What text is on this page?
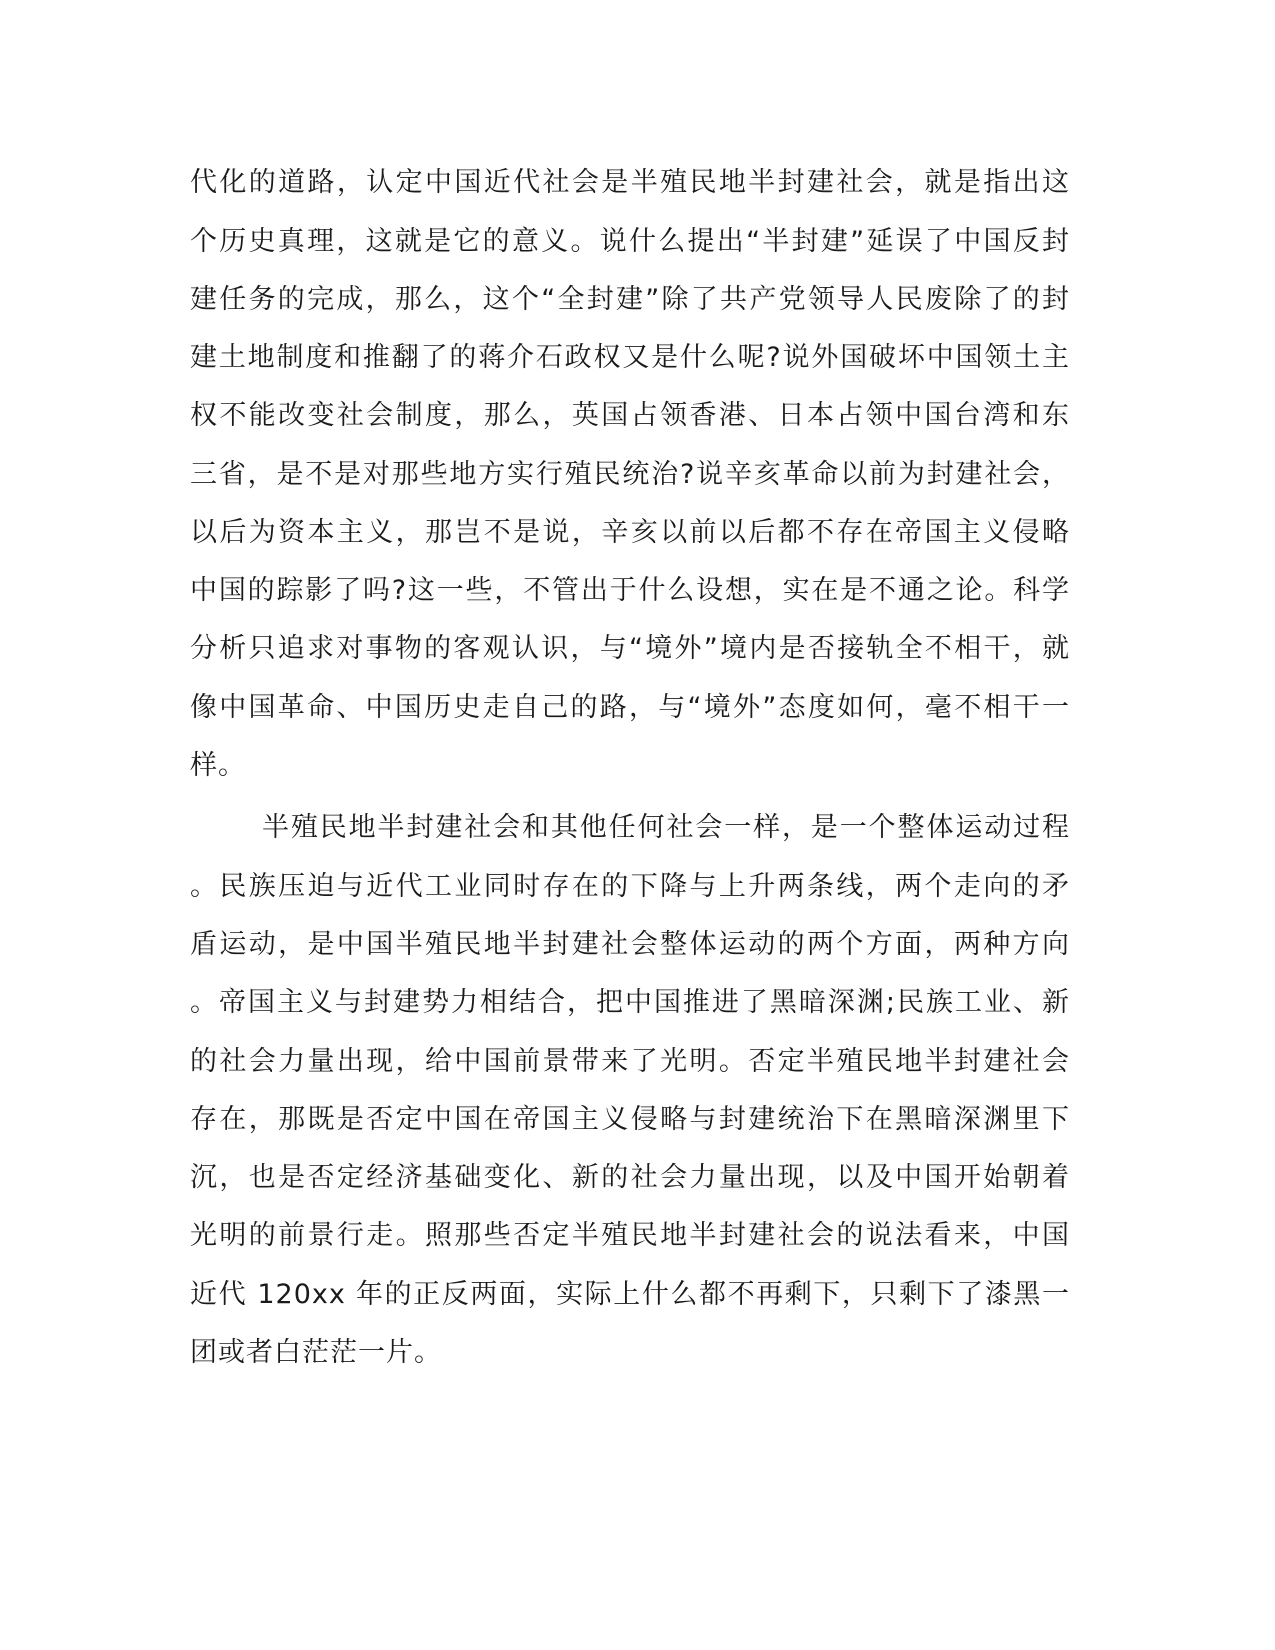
代化的道路，认定中国近代社会是半殖民地半封建社会，就是指出这

个历史真理，这就是它的意义。说什么提出“半封建”延误了中国反封

建任务的完成，那么，这个“全封建”除了共产党领导人民废除了的封

建土地制度和推翻了的蒋介石政权又是什么呢?说外国破坏中国领土主

权不能改变社会制度，那么，英国占领香港、日本占领中国台湾和东

三省，是不是对那些地方实行殖民统治?说辛亥革命以前为封建社会，

以后为资本主义，那岂不是说，辛亥以前以后都不存在帝国主义侵略

中国的踪影了吗?这一些，不管出于什么设想，实在是不通之论。科学

分析只追求对事物的客观认识，与“境外”境内是否接轨全不相干，就

像中国革命、中国历史走自己的路，与“境外”态度如何，毫不相干一

样。

半殖民地半封建社会和其他任何社会一样，是一个整体运动过程

。民族压迫与近代工业同时存在的下降与上升两条线，两个走向的矛

盾运动，是中国半殖民地半封建社会整体运动的两个方面，两种方向

。帝国主义与封建势力相结合，把中国推进了黑暗深渊;民族工业、新

的社会力量出现，给中国前景带来了光明。否定半殖民地半封建社会

存在，那既是否定中国在帝国主义侵略与封建统治下在黑暗深渊里下

沉，也是否定经济基础变化、新的社会力量出现，以及中国开始朝着

光明的前景行走。照那些否定半殖民地半封建社会的说法看来，中国

近代 120xx 年的正反两面，实际上什么都不再剩下，只剩下了漆黑一

团或者白茫茫一片。
